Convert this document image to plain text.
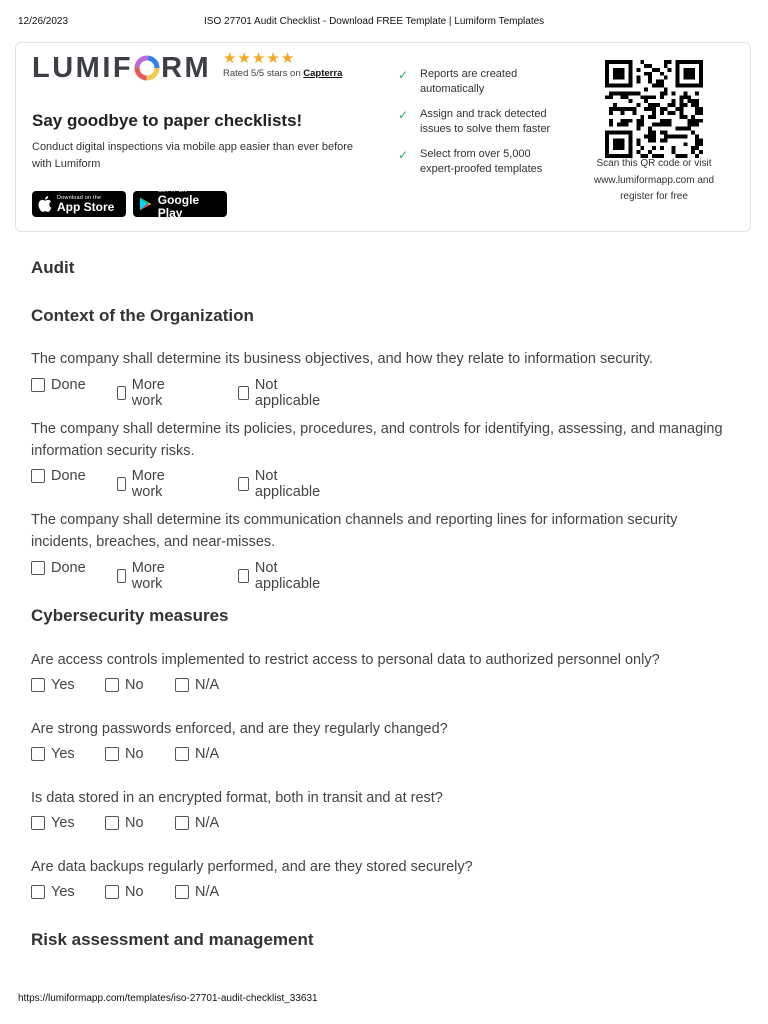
12/26/2023	ISO 27701 Audit Checklist - Download FREE Template | Lumiform Templates
LUMIF RM ★ ★ ★ ★ ★
Rated 5/5 stars on Capterra
Say goodbye to paper checklists!
Conduct digital inspections via mobile app easier than ever before with Lumiform
Download on the
App Store
GET IT ON
Google Play
✓	Reports are created automatically
✓	Assign and track detected issues to solve them faster
✓	Select from over 5,000 expert-proofed templates	Scan this QR code or visit www.lumiformapp.com and register for free
Audit
Context of the Organization
The company shall determine its business objectives, and how they relate to information security.
Done	More work
Not applicable
The company shall determine its policies, procedures, and controls for identifying, assessing, and managing information security risks.
Done	More work
Not applicable
The company shall determine its communication channels and reporting lines for information security incidents, breaches, and near-misses.
Done	More work
Not applicable
Cybersecurity measures
Are access controls implemented to restrict access to personal data to authorized personnel only?
Yes	No	N/A
Are strong passwords enforced, and are they regularly changed?
Yes	No	N/A
Is data stored in an encrypted format, both in transit and at rest?
Yes	No	N/A
Are data backups regularly performed, and are they stored securely?
Yes	No	N/A
Risk assessment and management
https://lumiformapp.com/templates/iso-27701-audit-checklist_33631
